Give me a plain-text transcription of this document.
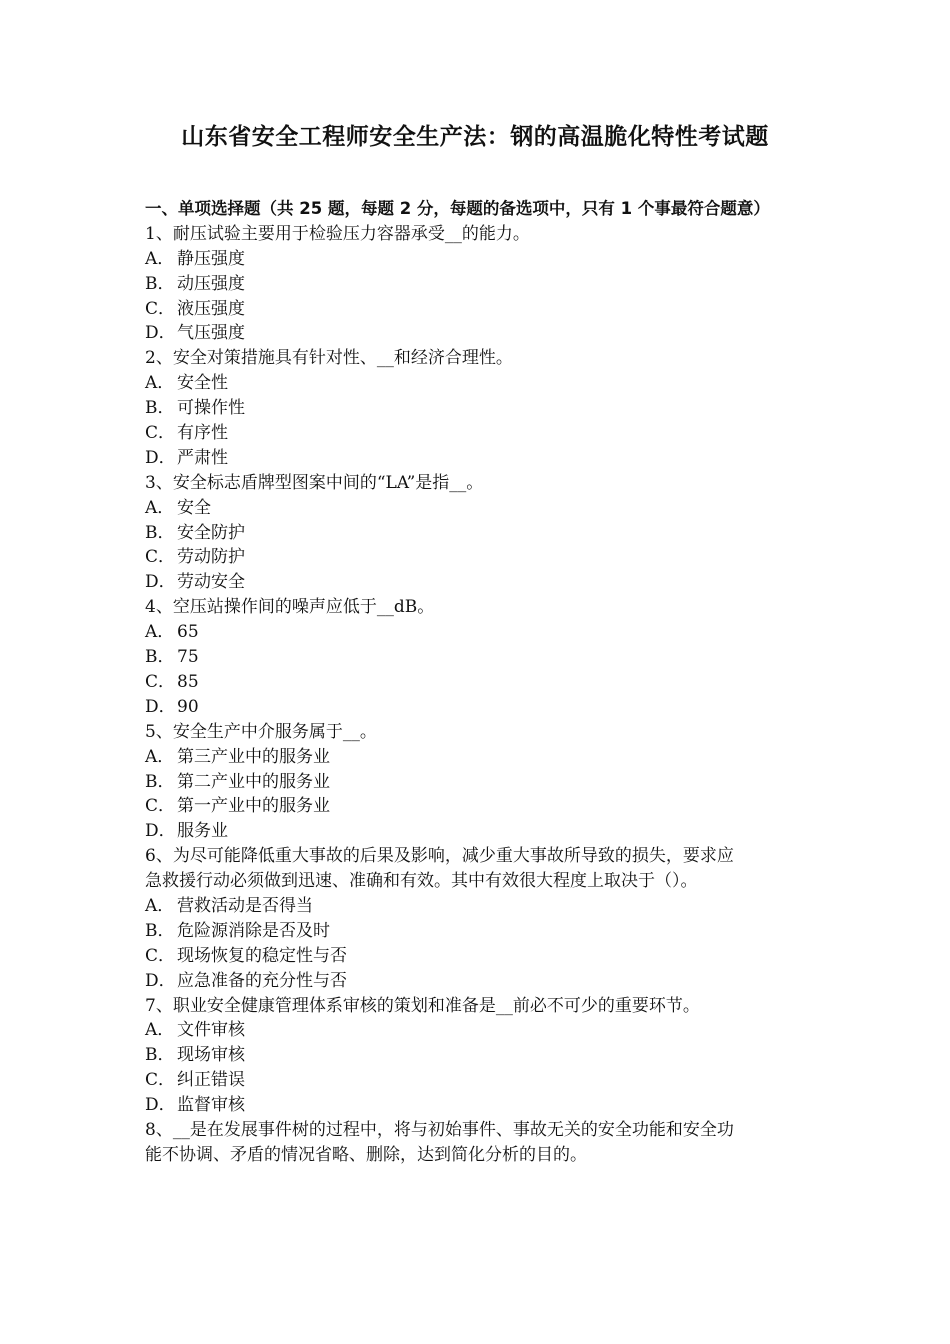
山东省安全工程师安全生产法：钢的高温脆化特性考试题
一、单项选择题（共 25 题，每题 2 分，每题的备选项中，只有 1 个事最符合题意）
1、耐压试验主要用于检验压力容器承受__的能力。
A． 静压强度
B． 动压强度
C． 液压强度
D．气压强度
2、安全对策措施具有针对性、__和经济合理性。
A． 安全性
B． 可操作性
C． 有序性
D．严肃性
3、安全标志盾牌型图案中间的“LA”是指__。
A． 安全
B． 安全防护
C． 劳动防护
D．劳动安全
4、空压站操作间的噪声应低于__dB。
A． 65
B． 75
C． 85
D．90
5、安全生产中介服务属于__。
A． 第三产业中的服务业
B． 第二产业中的服务业
C． 第一产业中的服务业
D．服务业
6、为尽可能降低重大事故的后果及影响，减少重大事故所导致的损失，要求应
急救援行动必须做到迅速、准确和有效。其中有效很大程度上取决于（）。
A． 营救活动是否得当
B． 危险源消除是否及时
C． 现场恢复的稳定性与否
D．应急准备的充分性与否
7、职业安全健康管理体系审核的策划和准备是__前必不可少的重要环节。
A． 文件审核
B． 现场审核
C． 纠正错误
D．监督审核
8、__是在发展事件树的过程中，将与初始事件、事故无关的安全功能和安全功
能不协调、矛盾的情况省略、删除，达到简化分析的目的。
